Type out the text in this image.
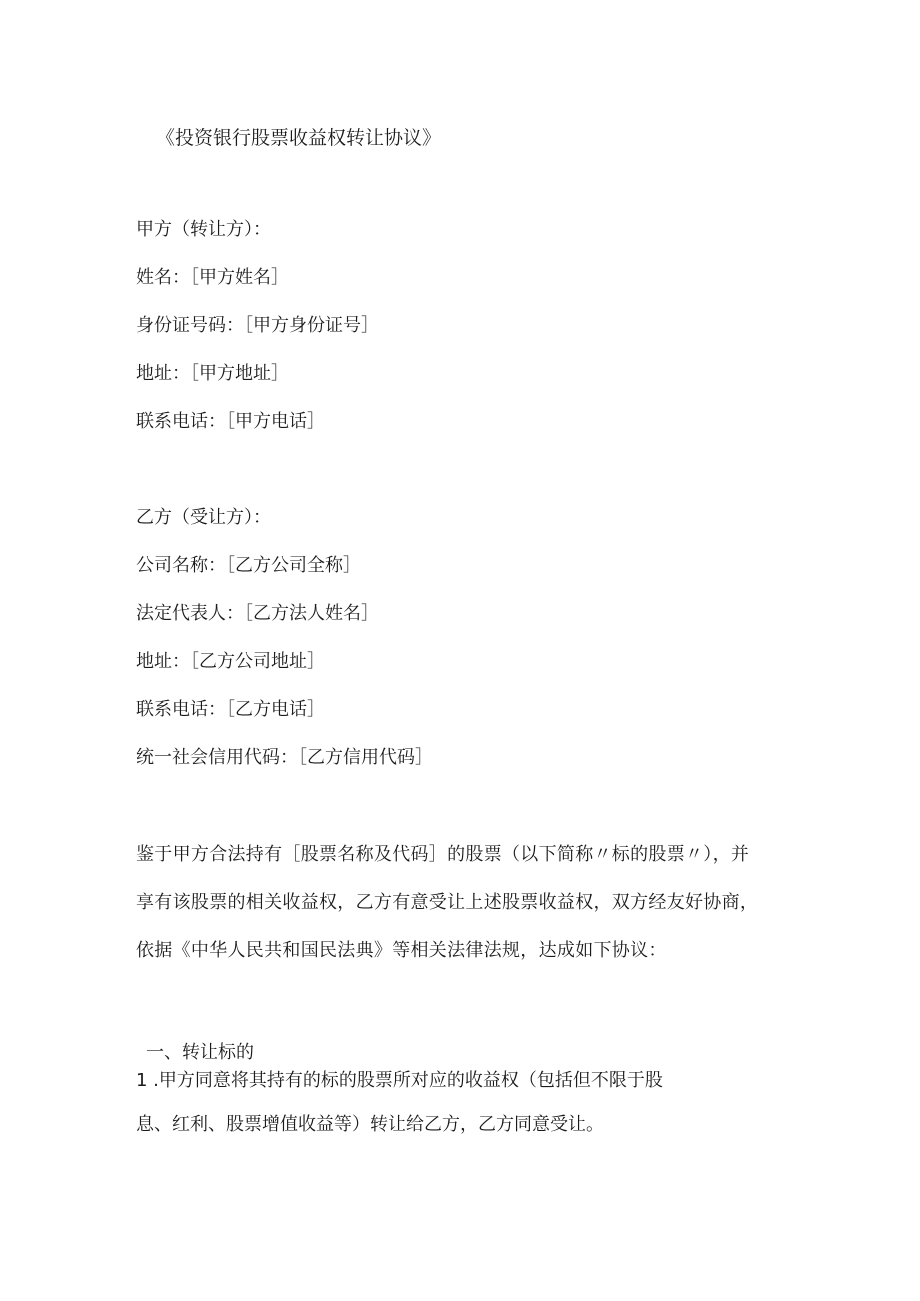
《投资银行股票收益权转让协议》
甲方（转让方）：
姓名：［甲方姓名］
身份证号码：［甲方身份证号］
地址：［甲方地址］
联系电话：［甲方电话］
乙方（受让方）：
公司名称：［乙方公司全称］
法定代表人：［乙方法人姓名］
地址：［乙方公司地址］
联系电话：［乙方电话］
统一社会信用代码：［乙方信用代码］
鉴于甲方合法持有［股票名称及代码］的股票（以下简称〃标的股票〃），并
享有该股票的相关收益权，乙方有意受让上述股票收益权，双方经友好协商，
依据《中华人民共和国民法典》等相关法律法规，达成如下协议：
一、转让标的
1 .甲方同意将其持有的标的股票所对应的收益权（包括但不限于股
息、红利、股票增值收益等）转让给乙方，乙方同意受让。
